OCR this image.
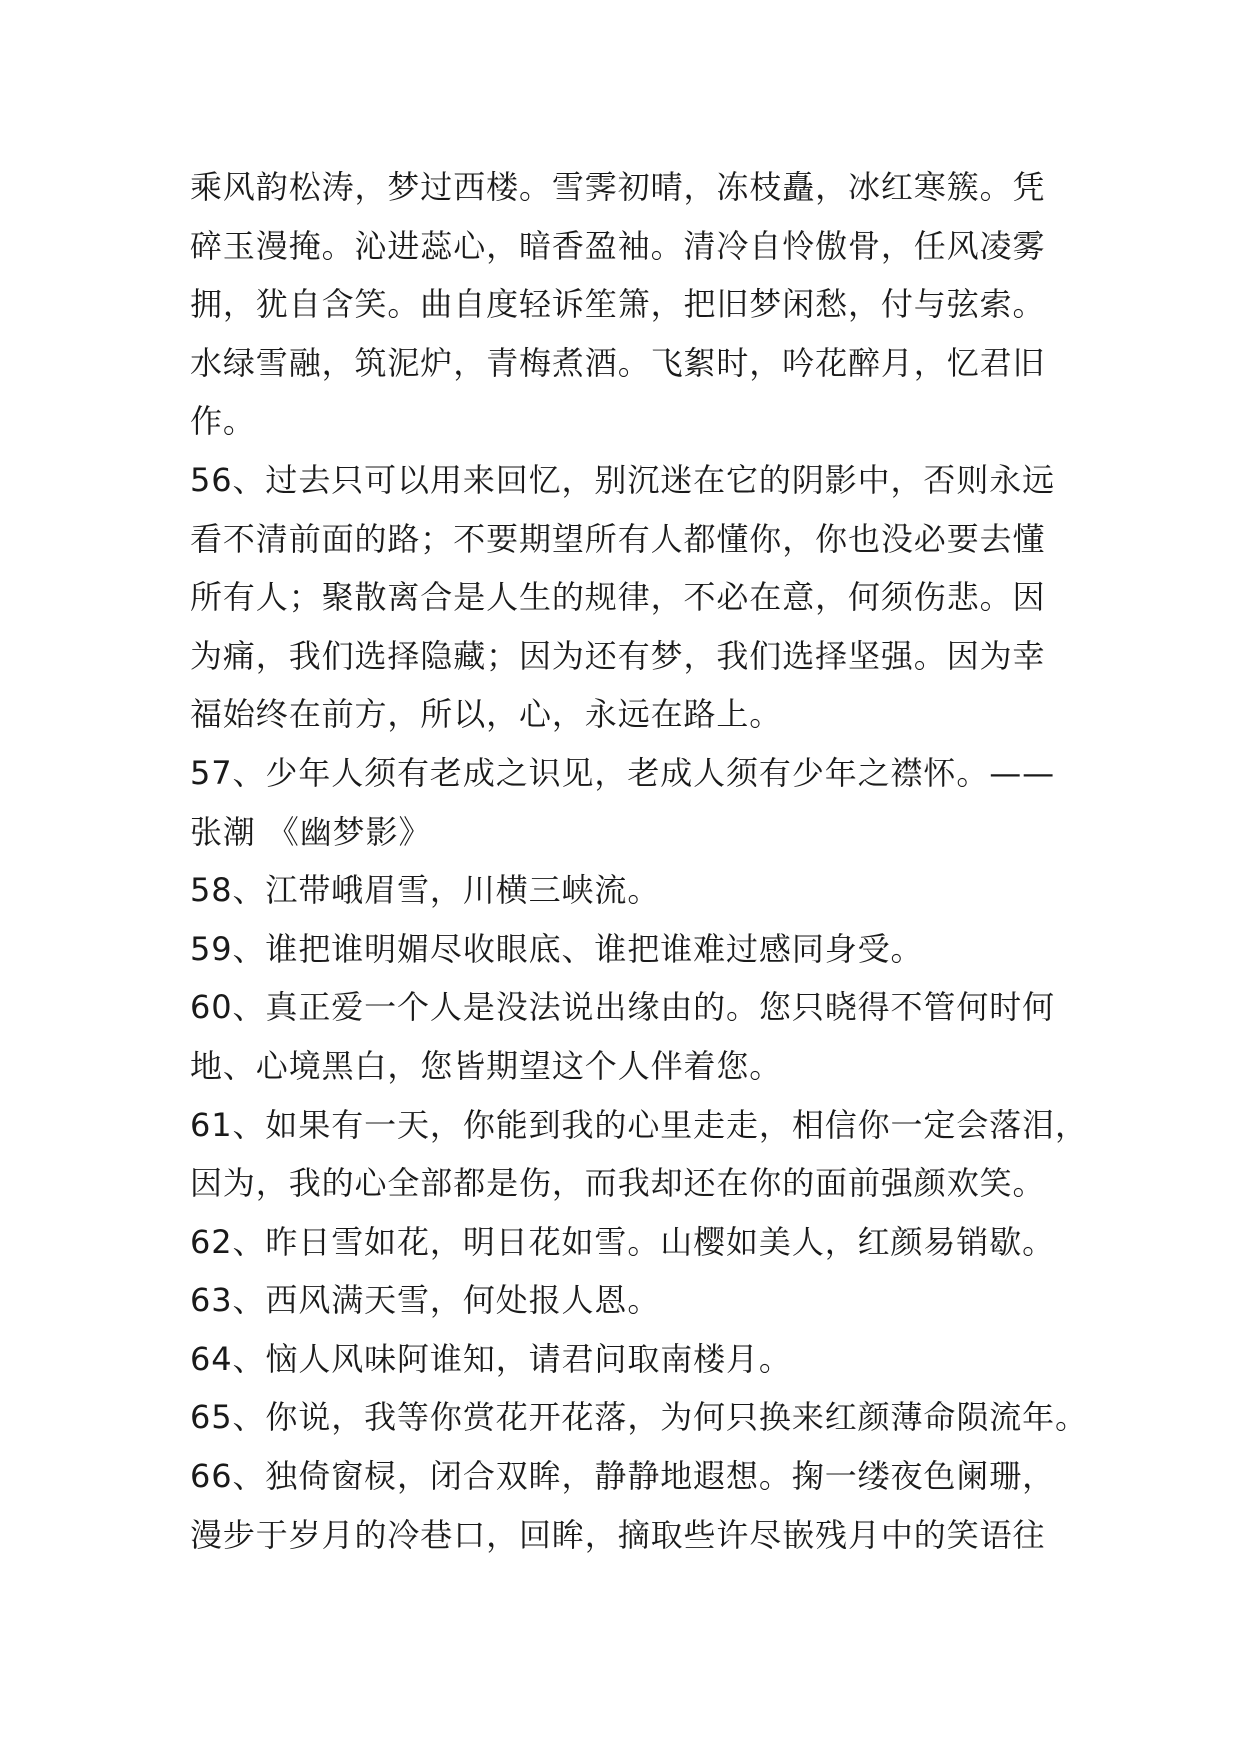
乘风韵松涛，梦过西楼。雪霁初晴，冻枝矗，冰红寒簇。凭
碎玉漫掩。沁进蕊心，暗香盈袖。清冷自怜傲骨，任风凌雾
拥，犹自含笑。曲自度轻诉笙箫，把旧梦闲愁，付与弦索。
水绿雪融，筑泥炉，青梅煮酒。飞絮时，吟花醉月，忆君旧
作。
56、过去只可以用来回忆，别沉迷在它的阴影中，否则永远
看不清前面的路；不要期望所有人都懂你，你也没必要去懂
所有人；聚散离合是人生的规律，不必在意，何须伤悲。因
为痛，我们选择隐藏；因为还有梦，我们选择坚强。因为幸
福始终在前方，所以，心，永远在路上。
57、少年人须有老成之识见，老成人须有少年之襟怀。——
张潮 《幽梦影》
58、江带峨眉雪，川横三峡流。
59、谁把谁明媚尽收眼底、谁把谁难过感同身受。
60、真正爱一个人是没法说出缘由的。您只晓得不管何时何
地、心境黑白，您皆期望这个人伴着您。
61、如果有一天，你能到我的心里走走，相信你一定会落泪，
因为，我的心全部都是伤，而我却还在你的面前强颜欢笑。
62、昨日雪如花，明日花如雪。山樱如美人，红颜易销歇。
63、西风满天雪，何处报人恩。
64、恼人风味阿谁知，请君问取南楼月。
65、你说，我等你赏花开花落，为何只换来红颜薄命陨流年。
66、独倚窗棂，闭合双眸，静静地遐想。掬一缕夜色阑珊，
漫步于岁月的冷巷口，回眸，摘取些许尽嵌残月中的笑语往
